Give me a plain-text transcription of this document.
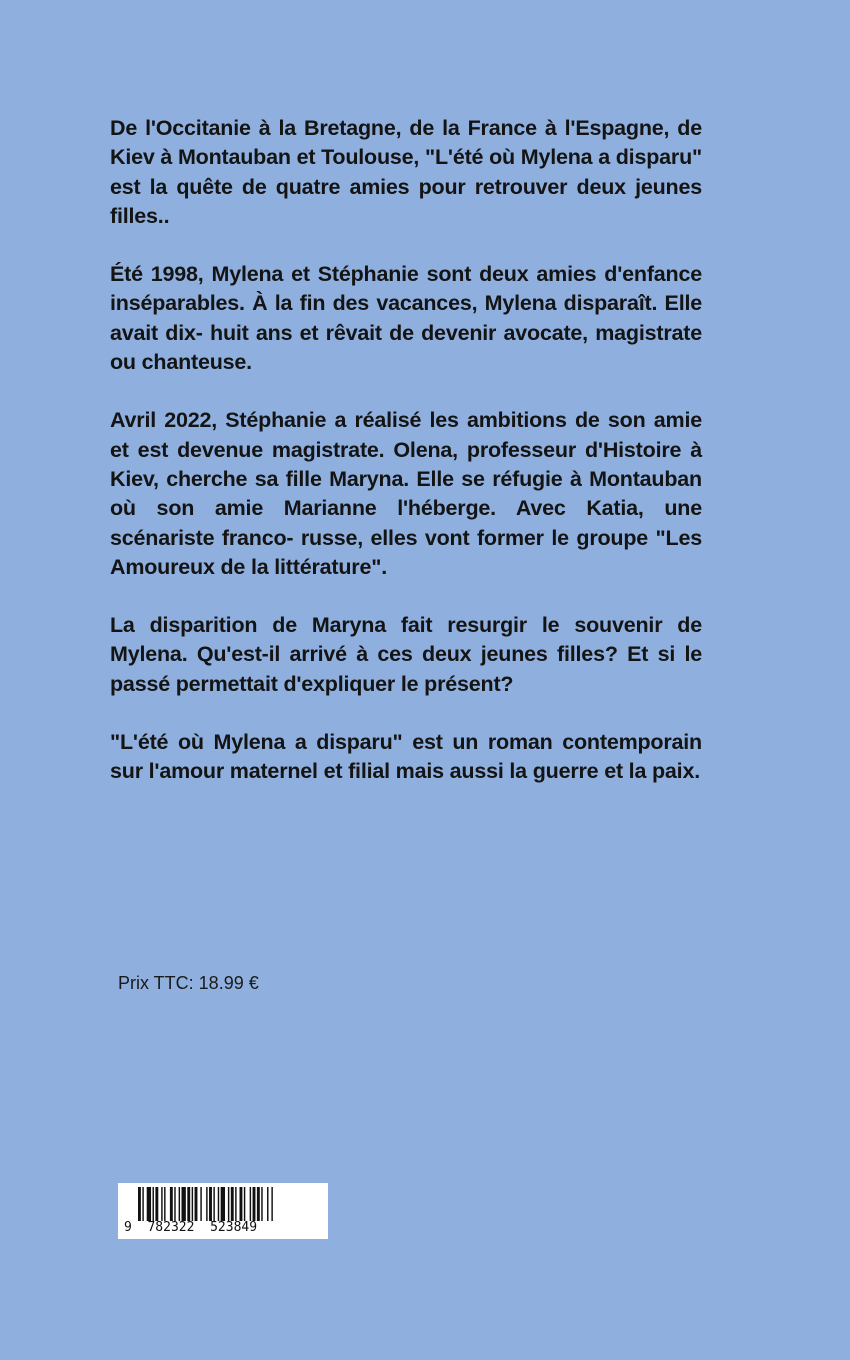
De l'Occitanie à la Bretagne, de la France à l'Espagne, de Kiev à Montauban et Toulouse, "L'été où Mylena a disparu" est la quête de quatre amies pour retrouver deux jeunes filles..

Été 1998, Mylena et Stéphanie sont deux amies d'enfance inséparables. À la fin des vacances, Mylena disparaît. Elle avait dix- huit ans et rêvait de devenir avocate, magistrate ou chanteuse.

Avril 2022, Stéphanie a réalisé les ambitions de son amie et est devenue magistrate. Olena, professeur d'Histoire à Kiev, cherche sa fille Maryna. Elle se réfugie à Montauban où son amie Marianne l'héberge. Avec Katia, une scénariste franco- russe, elles vont former le groupe "Les Amoureux de la littérature".

La disparition de Maryna fait resurgir le souvenir de Mylena. Qu'est-il arrivé à ces deux jeunes filles? Et si le passé permettait d'expliquer le présent?

"L'été où Mylena a disparu" est un roman contemporain sur l'amour maternel et filial mais aussi la guerre et la paix.

Prix TTC: 18.99 €
9  782322  523849
